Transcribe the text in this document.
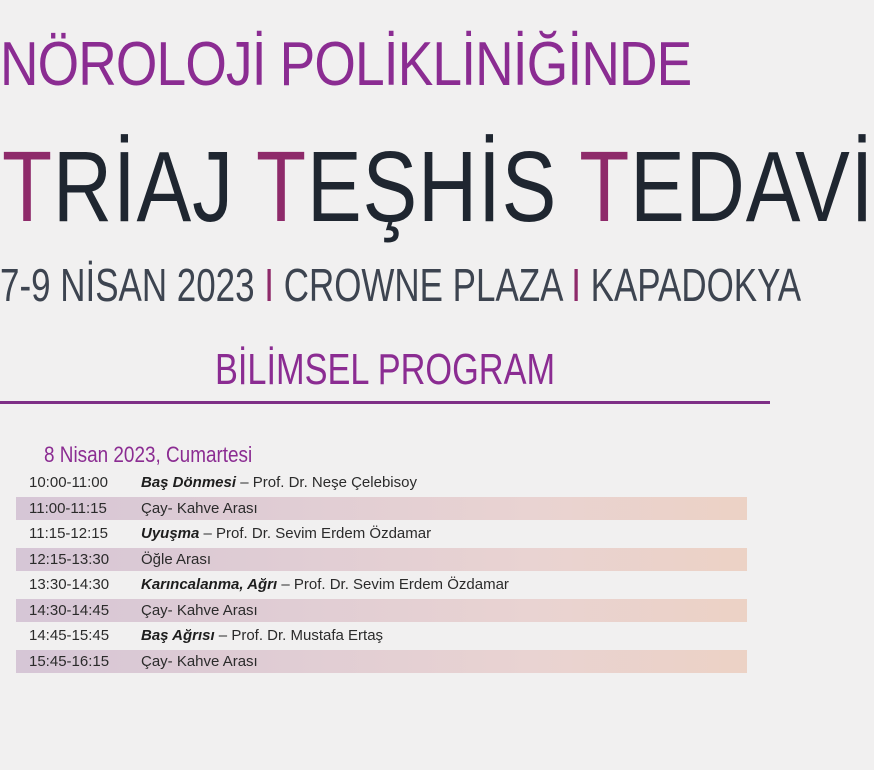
NÖROLOJİ POLİKLİNİĞİNDE
TRİAJ TEŞHİS TEDAVİ
7-9 NİSAN 2023 I CROWNE PLAZA I KAPADOKYA
BİLİMSEL PROGRAM
8 Nisan 2023, Cumartesi
10:00-11:00 Baş Dönmesi – Prof. Dr. Neşe Çelebisoy
11:00-11:15 Çay- Kahve Arası
11:15-12:15 Uyuşma – Prof. Dr. Sevim Erdem Özdamar
12:15-13:30 Öğle Arası
13:30-14:30 Karıncalanma, Ağrı – Prof. Dr. Sevim Erdem Özdamar
14:30-14:45 Çay- Kahve Arası
14:45-15:45 Baş Ağrısı – Prof. Dr. Mustafa Ertaş
15:45-16:15 Çay- Kahve Arası
